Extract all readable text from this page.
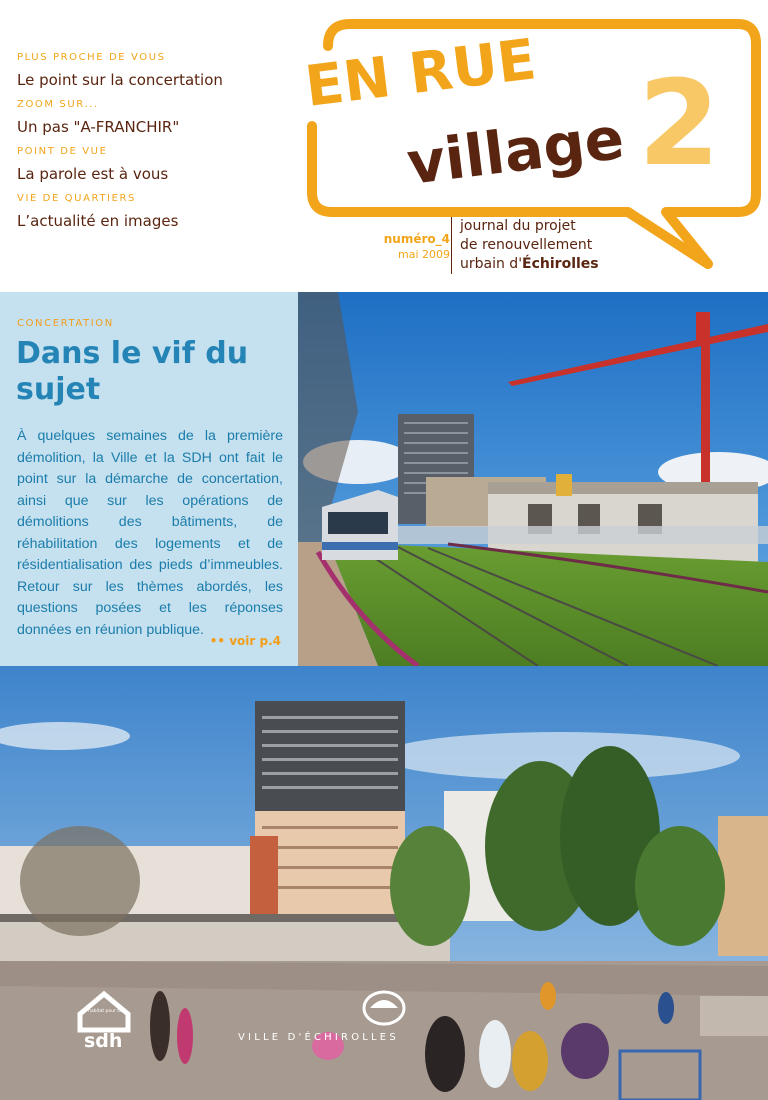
PLUS PROCHE DE VOUS
Le point sur la concertation
ZOOM SUR...
Un pas "A-FRANCHIR"
POINT DE VUE
La parole est à vous
VIE DE QUARTIERS
L’actualité en images
EN RUE
village 2
numéro_4
mai 2009
journal du projet
de renouvellement
urbain d'Échirolles
CONCERTATION
Dans le vif du sujet
À quelques semaines de la première démolition, la Ville et la SDH ont fait le point sur la démarche de concertation, ainsi que sur les opérations de démolitions des bâtiments, de réhabilitation des logements et de résidentialisation des pieds d’immeubles. Retour sur les thèmes abordés, les questions posées et les réponses données en réunion publique.
•• voir p.4
un habitat pour tous
sdh	VILLE D'ÉCHIROLLES
